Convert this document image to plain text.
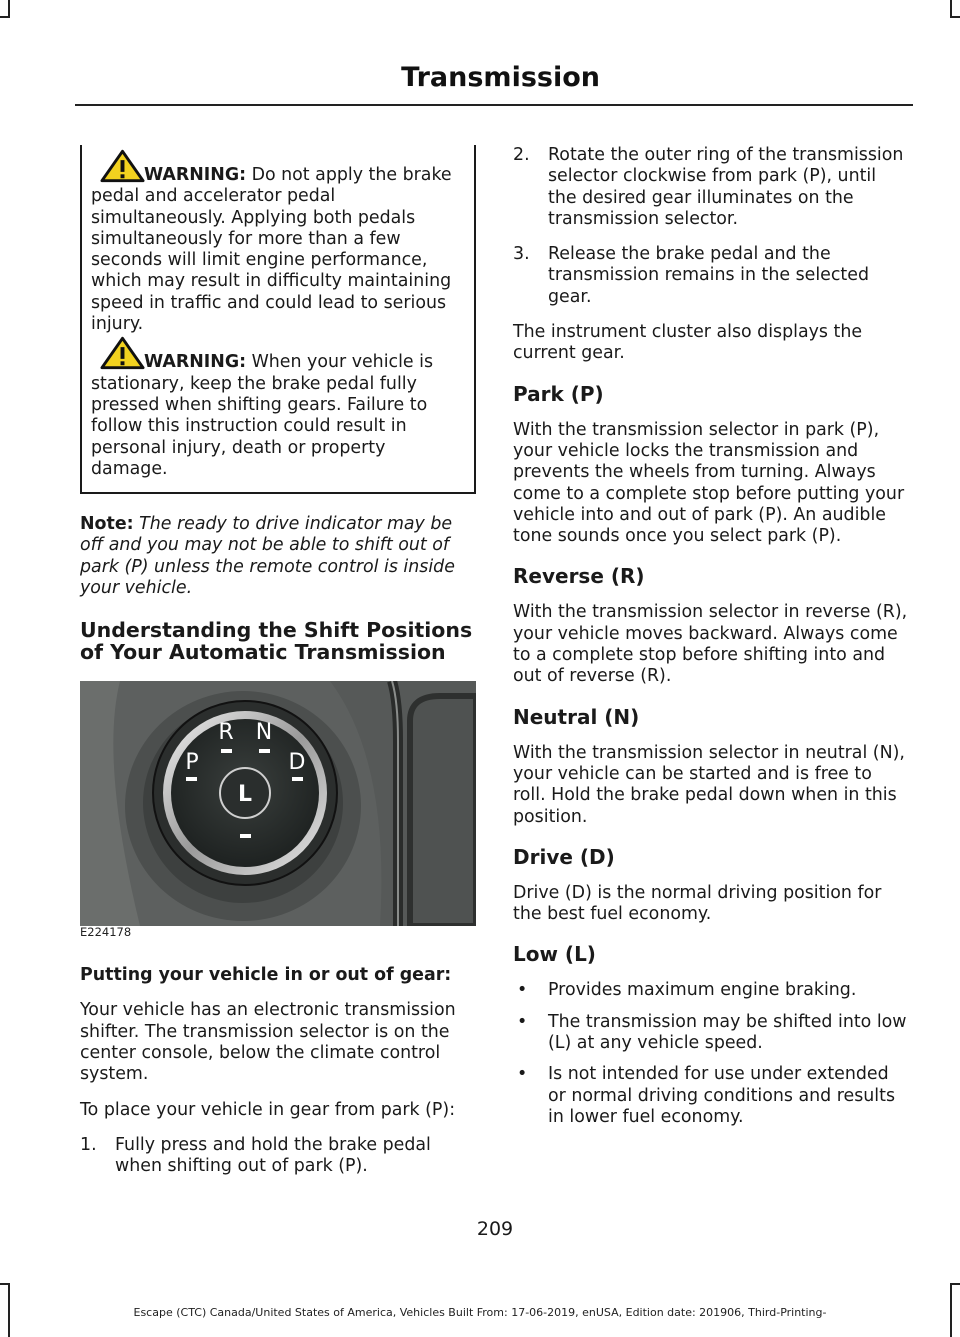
Transmission
WARNING: Do not apply the brake pedal and accelerator pedal simultaneously. Applying both pedals simultaneously for more than a few seconds will limit engine performance, which may result in difficulty maintaining speed in traffic and could lead to serious injury.
WARNING: When your vehicle is stationary, keep the brake pedal fully pressed when shifting gears. Failure to follow this instruction could result in personal injury, death or property damage.

Note: The ready to drive indicator may be off and you may not be able to shift out of park (P) unless the remote control is inside your vehicle.

Understanding the Shift Positions of Your Automatic Transmission
L
P
R N
D
E224178
Putting your vehicle in or out of gear:

Your vehicle has an electronic transmission shifter. The transmission selector is on the center console, below the climate control system.

To place your vehicle in gear from park (P):

1. Fully press and hold the brake pedal when shifting out of park (P).
2. Rotate the outer ring of the transmission selector clockwise from park (P), until the desired gear illuminates on the transmission selector.
3. Release the brake pedal and the transmission remains in the selected gear.

The instrument cluster also displays the current gear.

Park (P)

With the transmission selector in park (P), your vehicle locks the transmission and prevents the wheels from turning. Always come to a complete stop before putting your vehicle into and out of park (P). An audible tone sounds once you select park (P).

Reverse (R)

With the transmission selector in reverse (R), your vehicle moves backward. Always come to a complete stop before shifting into and out of reverse (R).

Neutral (N)

With the transmission selector in neutral (N), your vehicle can be started and is free to roll. Hold the brake pedal down when in this position.

Drive (D)

Drive (D) is the normal driving position for the best fuel economy.

Low (L)
• Provides maximum engine braking.
• The transmission may be shifted into low (L) at any vehicle speed.
• Is not intended for use under extended or normal driving conditions and results in lower fuel economy.
209
Escape (CTC) Canada/United States of America, Vehicles Built From: 17-06-2019, enUSA, Edition date: 201906, Third-Printing-
